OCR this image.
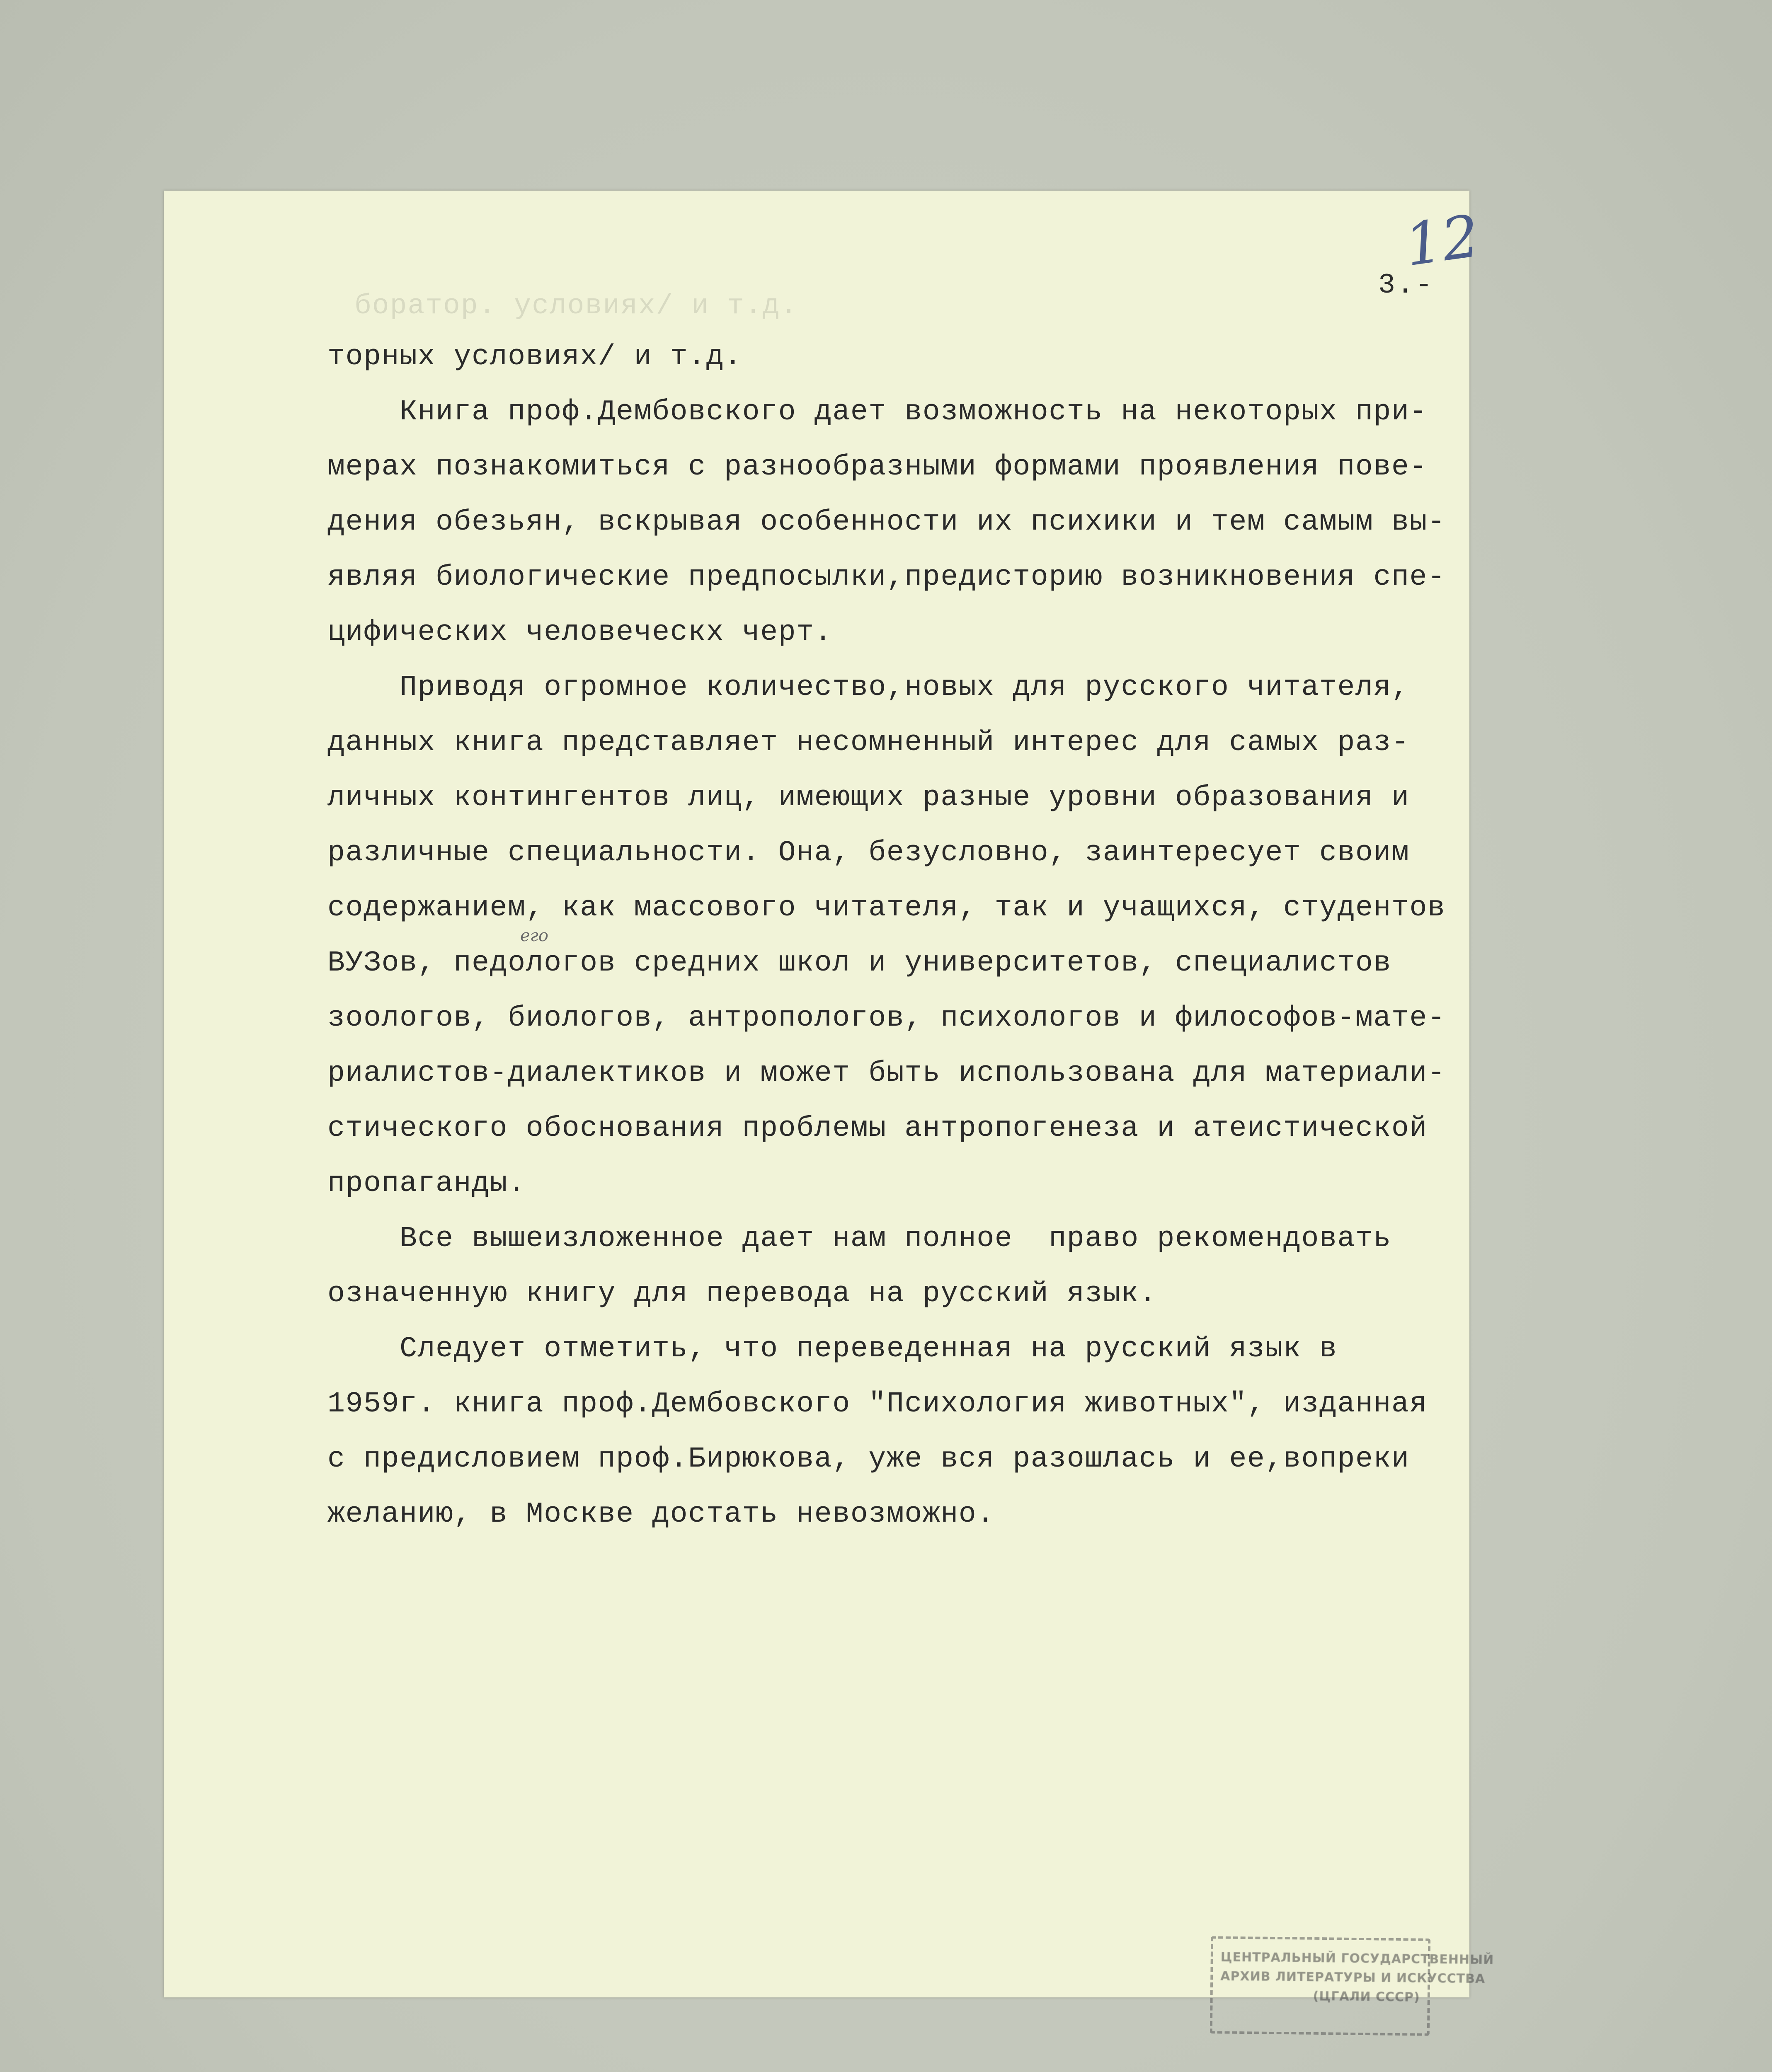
12
3.-
боратор. условиях/ и т.д.
торных условиях/ и т.д.
Книга проф.Дембовского дает возможность на некоторых при-
мерах познакомиться с разнообразными формами проявления пове-
дения обезьян, вскрывая особенности их психики и тем самым вы-
являя биологические предпосылки,предисторию возникновения спе-
цифических человеческх черт.
Приводя огромное количество,новых для русского читателя,
данных книга представляет несомненный интерес для самых раз-
личных контингентов лиц, имеющих разные уровни образования и
различные специальности. Она, безусловно, заинтересует своим
содержанием, как массового читателя, так и учащихся, студентов
ВУЗов, педологов средних школ и университетов, специалистов
зоологов, биологов, антропологов, психологов и философов-мате-
риалистов-диалектиков и может быть использована для материали-
стического обоснования проблемы антропогенеза и атеистической
пропаганды.
Все вышеизложенное дает нам полное  право рекомендовать
означенную книгу для перевода на русский язык.
Следует отметить, что переведенная на русский язык в
1959г. книга проф.Дембовского "Психология животных", изданная
с предисловием проф.Бирюкова, уже вся разошлась и ее,вопреки
желанию, в Москве достать невозможно.
его
ЦЕНТРАЛЬНЫЙ ГОСУДАРСТВЕННЫЙ
АРХИВ ЛИТЕРАТУРЫ И ИСКУССТВА
(ЦГАЛИ СССР)
